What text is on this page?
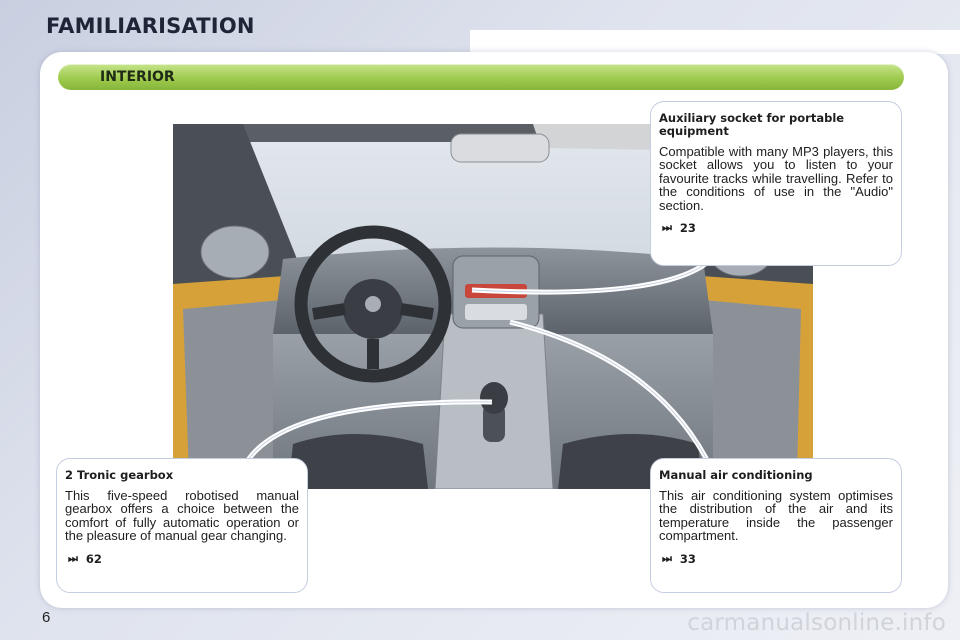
FAMILIARISATION
INTERIOR
Auxiliary socket for portable equipment

Compatible with many MP3 players, this socket allows you to listen to your favourite tracks while travelling. Refer to the conditions of use in the "Audio" section.

⏭ 23
2 Tronic gearbox

This five-speed robotised manual gearbox offers a choice between the comfort of fully automatic operation or the pleasure of manual gear changing.

⏭ 62
Manual air conditioning

This air conditioning system optimises the distribution of the air and its temperature inside the passenger compartment.

⏭ 33
6	carmanualsonline.info
